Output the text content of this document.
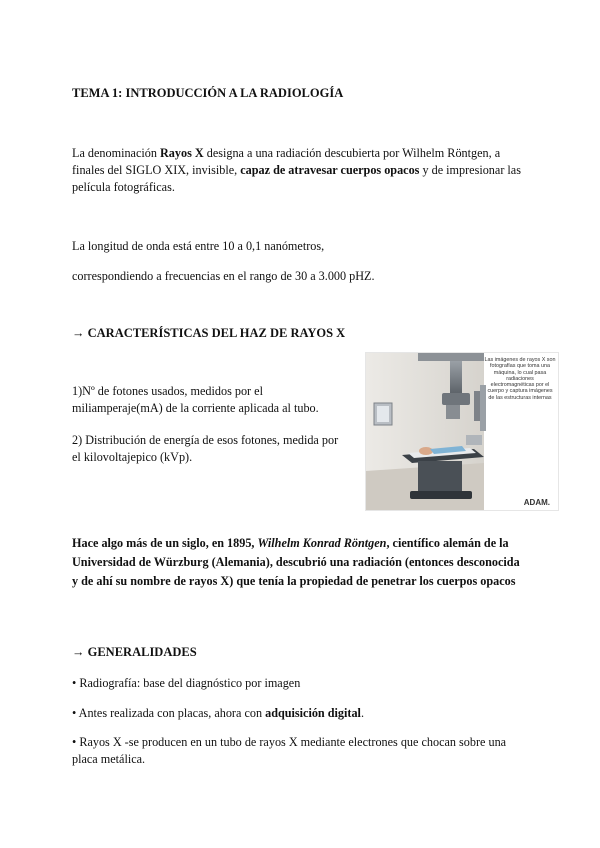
TEMA 1: INTRODUCCIÓN A LA RADIOLOGÍA

La denominación Rayos X designa a una radiación descubierta por Wilhelm Röntgen, a finales del SIGLO XIX, invisible, capaz de atravesar cuerpos opacos y de impresionar las película fotográficas.

La longitud de onda está entre 10 a 0,1 nanómetros,

correspondiendo a frecuencias en el rango de 30 a 3.000 pHZ.

→ CARACTERÍSTICAS DEL HAZ DE RAYOS X

1)Nº de fotones usados, medidos por el miliamperaje(mA) de la corriente aplicada al tubo.

2) Distribución de energía de esos fotones, medida por el kilovoltajepico (kVp).

Las imágenes de rayos X son fotografías que toma una máquina, lo cual pasa radiaciones electromagnéticas por el cuerpo y captura imágenes de las estructuras internas
ADAM.

Hace algo más de un siglo, en 1895, Wilhelm Konrad Röntgen, científico alemán de la Universidad de Würzburg (Alemania), descubrió una radiación (entonces desconocida y de ahí su nombre de rayos X) que tenía la propiedad de penetrar los cuerpos opacos

→ GENERALIDADES

• Radiografía: base del diagnóstico por imagen

• Antes realizada con placas, ahora con adquisición digital.

• Rayos X -se producen en un tubo de rayos X mediante electrones que chocan sobre una placa metálica.
